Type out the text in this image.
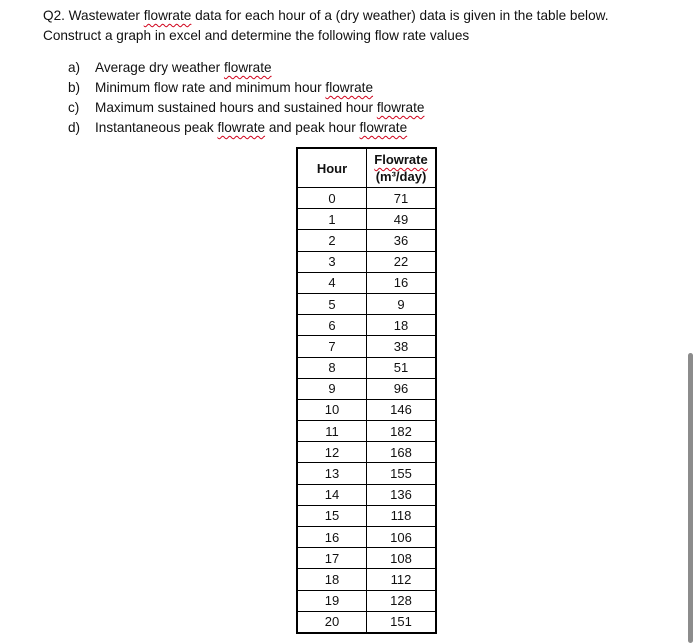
Q2. Wastewater flowrate data for each hour of a (dry weather) data is given in the table below.
Construct a graph in excel and determine the following flow rate values
a) Average dry weather flowrate
b) Minimum flow rate and minimum hour flowrate
c) Maximum sustained hours and sustained hour flowrate
d) Instantaneous peak flowrate and peak hour flowrate
Hour	Flowrate
(m³/day)
0	71
1	49
2	36
3	22
4	16
5	9
6	18
7	38
8	51
9	96
10	146
11	182
12	168
13	155
14	136
15	118
16	106
17	108
18	112
19	128
20	151
